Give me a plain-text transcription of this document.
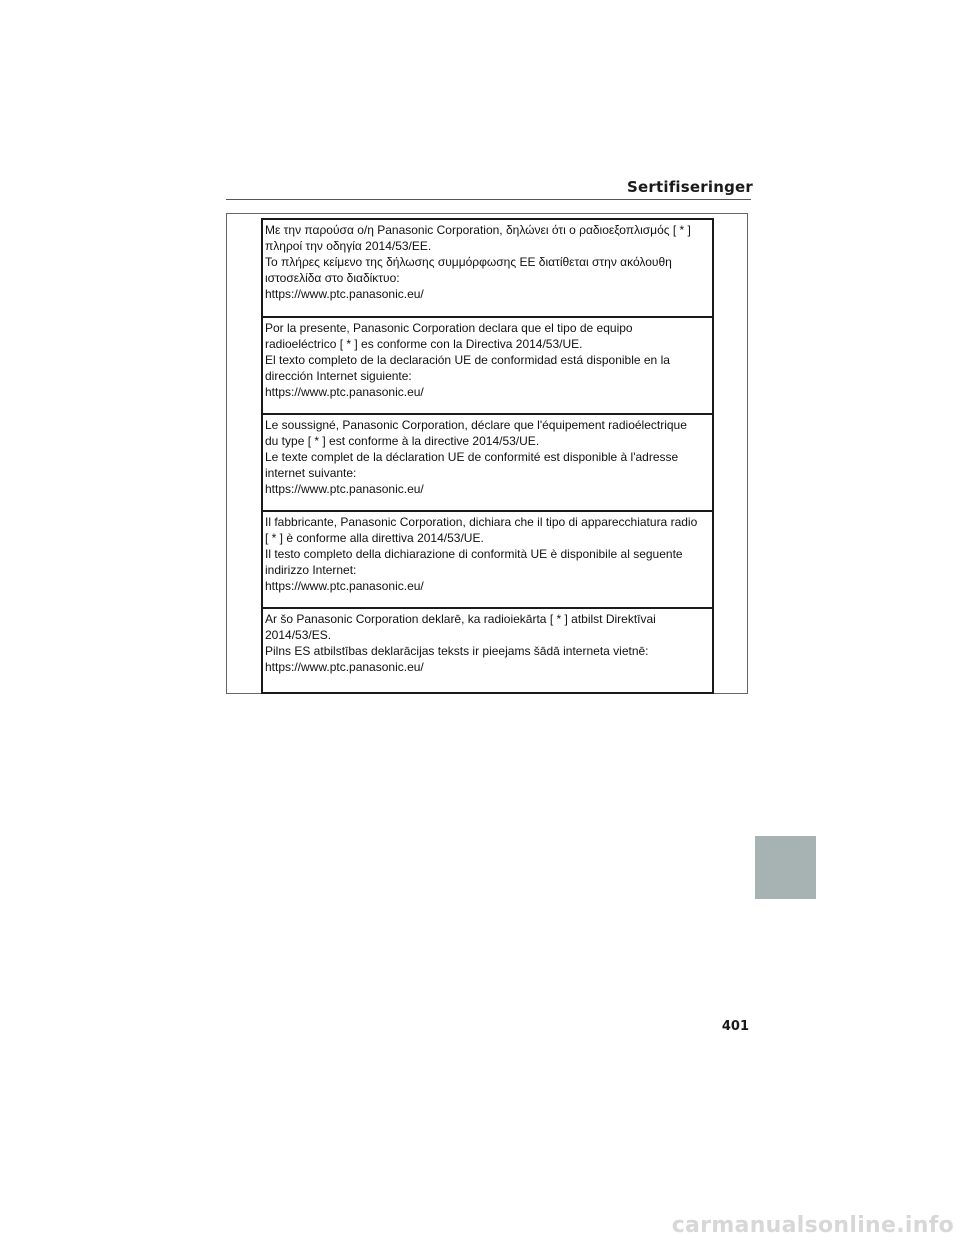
Sertifiseringer
Με την παρούσα ο/η Panasonic Corporation, δηλώνει ότι ο ραδιοεξοπλισμός [ * ]
πληροί την οδηγία 2014/53/ΕΕ.
Το πλήρες κείμενο της δήλωσης συμμόρφωσης ΕΕ διατίθεται στην ακόλουθη
ιστοσελίδα στο διαδίκτυο:
https://www.ptc.panasonic.eu/
Por la presente, Panasonic Corporation declara que el tipo de equipo
radioeléctrico [ * ] es conforme con la Directiva 2014/53/UE.
El texto completo de la declaración UE de conformidad está disponible en la
dirección Internet siguiente:
https://www.ptc.panasonic.eu/
Le soussigné, Panasonic Corporation, déclare que l'équipement radioélectrique
du type [ * ] est conforme à la directive 2014/53/UE.
Le texte complet de la déclaration UE de conformité est disponible à l'adresse
internet suivante:
https://www.ptc.panasonic.eu/
Il fabbricante, Panasonic Corporation, dichiara che il tipo di apparecchiatura radio
[ * ] è conforme alla direttiva 2014/53/UE.
Il testo completo della dichiarazione di conformità UE è disponibile al seguente
indirizzo Internet:
https://www.ptc.panasonic.eu/
Ar šo Panasonic Corporation deklarē, ka radioiekārta [ * ] atbilst Direktīvai
2014/53/ES.
Pilns ES atbilstības deklarācijas teksts ir pieejams šādā interneta vietnē:
https://www.ptc.panasonic.eu/
401
carmanualsonline.info
